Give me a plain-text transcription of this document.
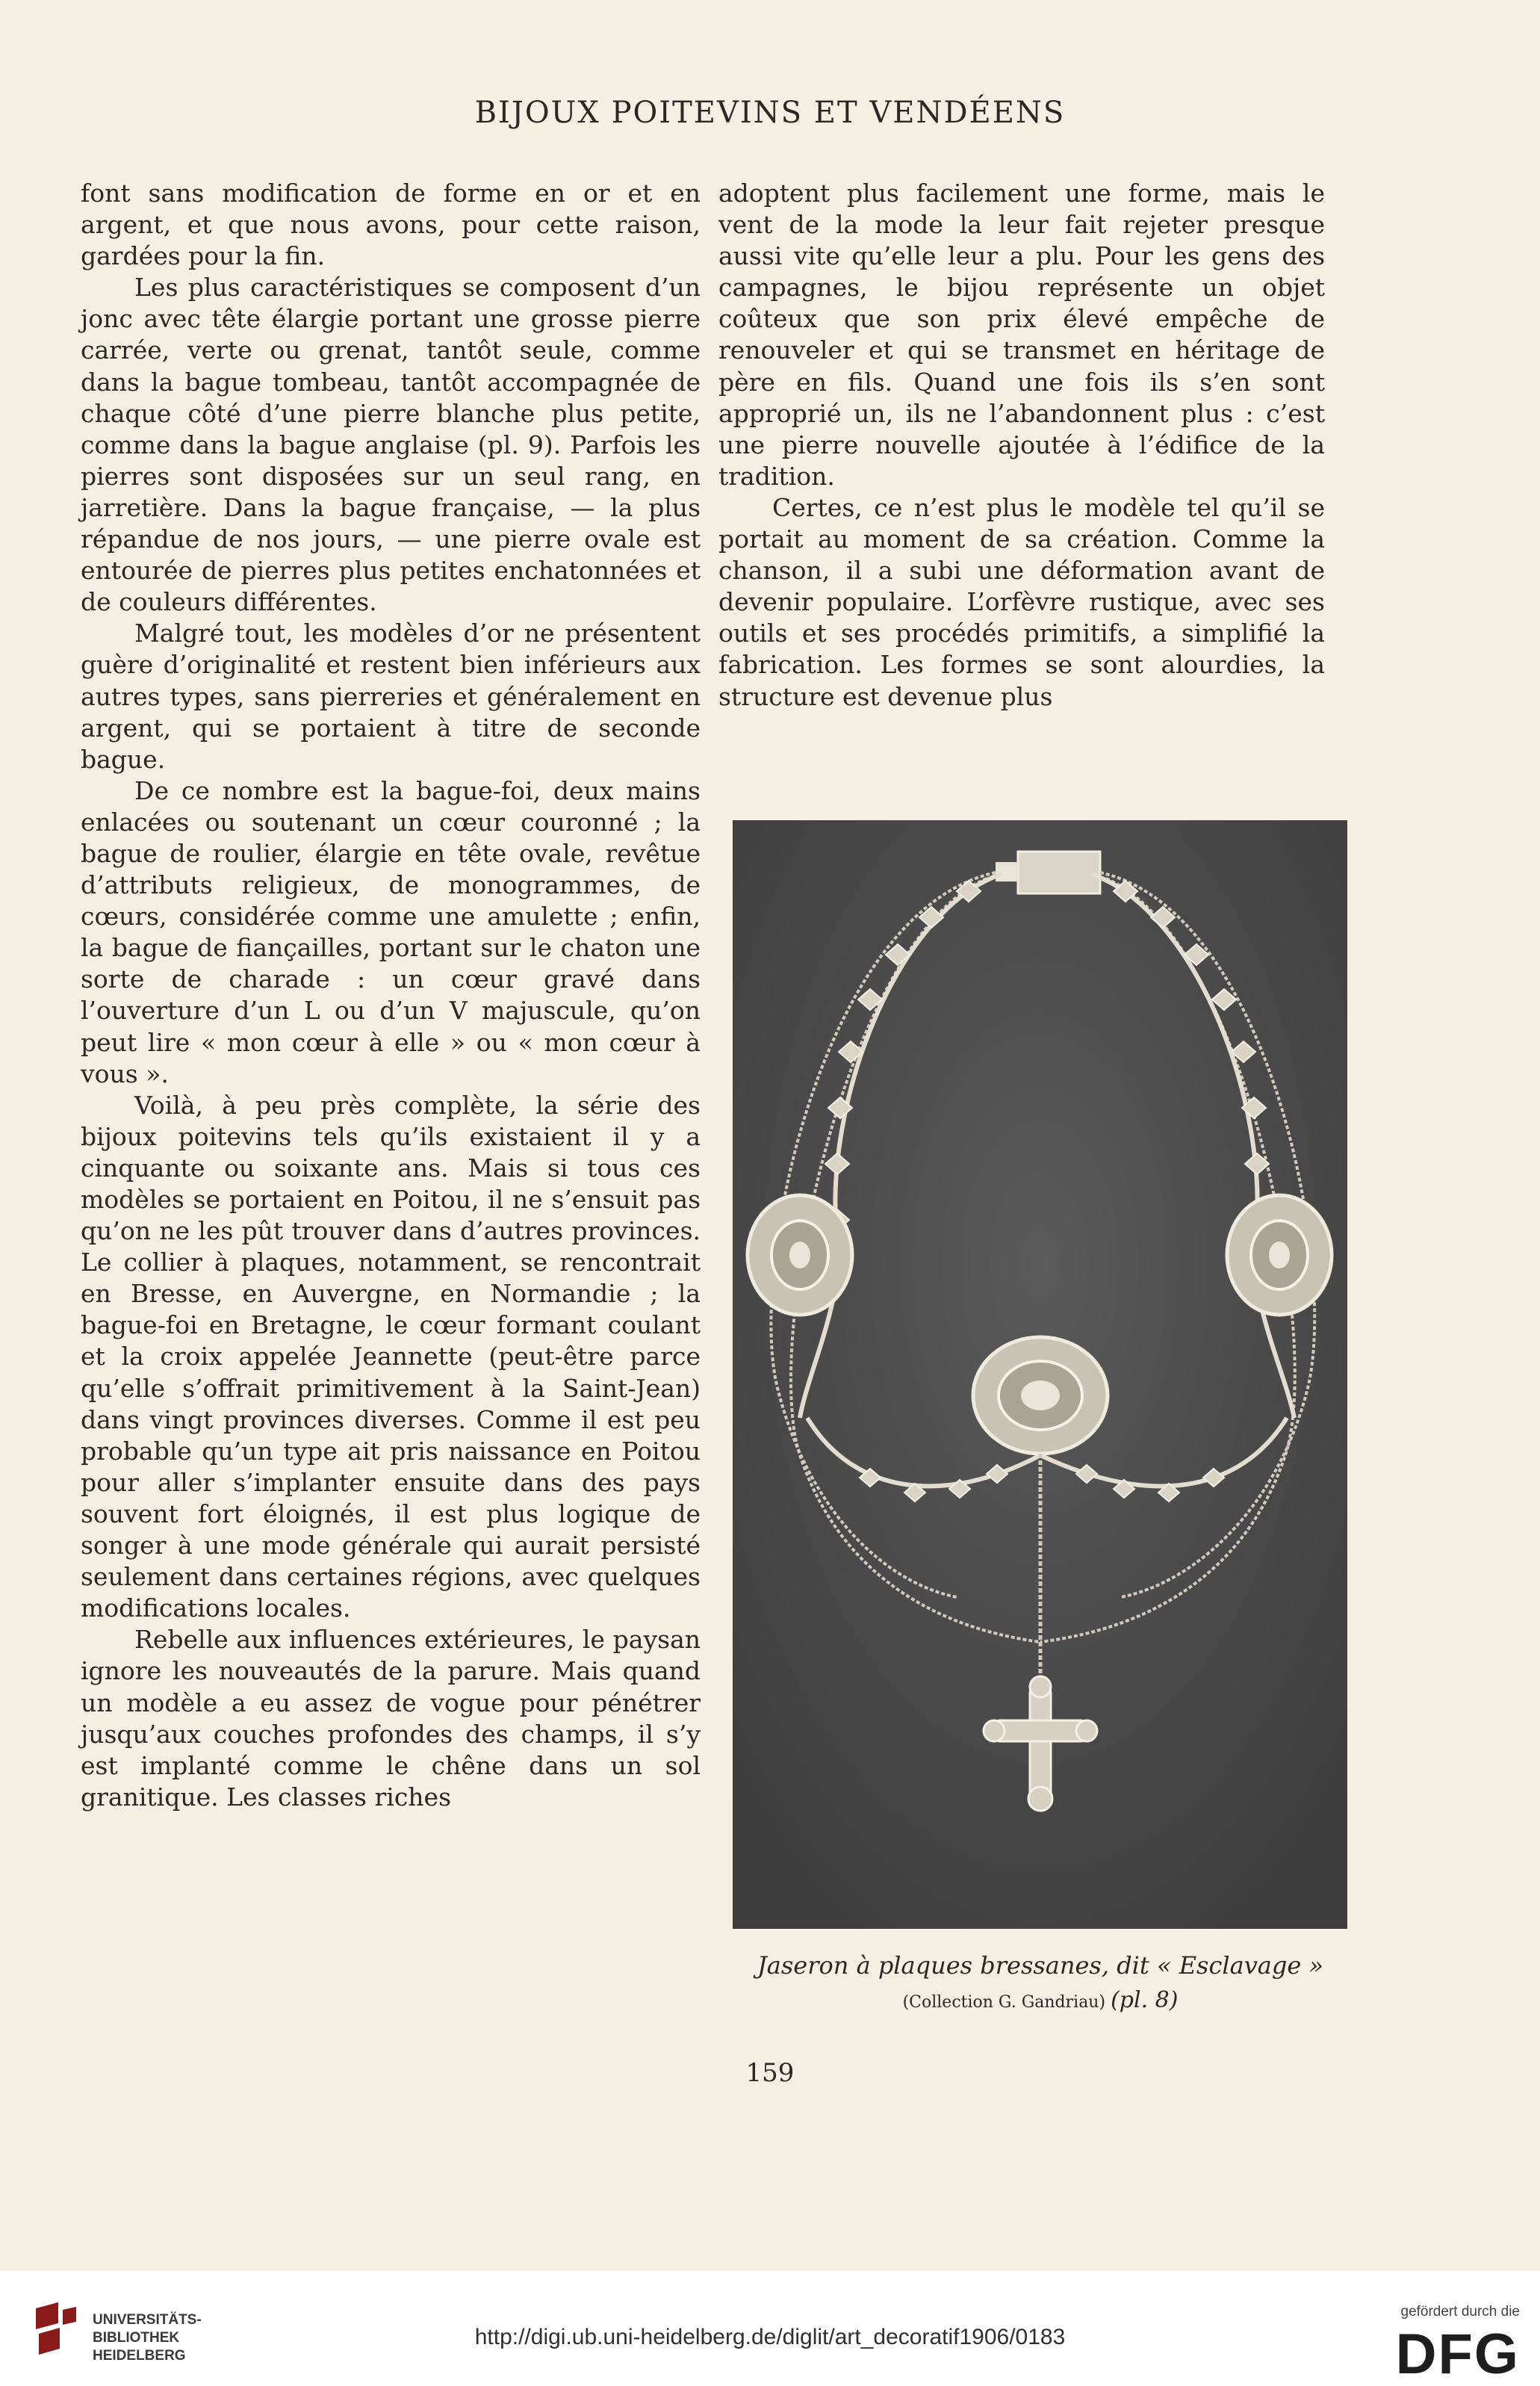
BIJOUX POITEVINS ET VENDÉENS

font sans modification de forme en or et en argent, et que nous avons, pour cette raison, gardées pour la fin.

Les plus caractéristiques se composent d’un jonc avec tête élargie portant une grosse pierre carrée, verte ou grenat, tantôt seule, comme dans la bague tombeau, tantôt accompagnée de chaque côté d’une pierre blanche plus petite, comme dans la bague anglaise (pl. 9). Parfois les pierres sont disposées sur un seul rang, en jarretière. Dans la bague française, — la plus répandue de nos jours, — une pierre ovale est entourée de pierres plus petites enchatonnées et de couleurs différentes.

Malgré tout, les modèles d’or ne présentent guère d’originalité et restent bien inférieurs aux autres types, sans pierreries et généralement en argent, qui se portaient à titre de seconde bague.

De ce nombre est la bague-foi, deux mains enlacées ou soutenant un cœur couronné ; la bague de roulier, élargie en tête ovale, revêtue d’attributs religieux, de monogrammes, de cœurs, considérée comme une amulette ; enfin, la bague de fiançailles, portant sur le chaton une sorte de charade : un cœur gravé dans l’ouverture d’un L ou d’un V majuscule, qu’on peut lire « mon cœur à elle » ou « mon cœur à vous ».

Voilà, à peu près complète, la série des bijoux poitevins tels qu’ils existaient il y a cinquante ou soixante ans. Mais si tous ces modèles se portaient en Poitou, il ne s’ensuit pas qu’on ne les pût trouver dans d’autres provinces. Le collier à plaques, notamment, se rencontrait en Bresse, en Auvergne, en Normandie ; la bague-foi en Bretagne, le cœur formant coulant et la croix appelée Jeannette (peut-être parce qu’elle s’offrait primitivement à la Saint-Jean) dans vingt provinces diverses. Comme il est peu probable qu’un type ait pris naissance en Poitou pour aller s’implanter ensuite dans des pays souvent fort éloignés, il est plus logique de songer à une mode générale qui aurait persisté seulement dans certaines régions, avec quelques modifications locales.

Rebelle aux influences extérieures, le paysan ignore les nouveautés de la parure. Mais quand un modèle a eu assez de vogue pour pénétrer jusqu’aux couches profondes des champs, il s’y est implanté comme le chêne dans un sol granitique. Les classes riches

adoptent plus facilement une forme, mais le vent de la mode la leur fait rejeter presque aussi vite qu’elle leur a plu. Pour les gens des campagnes, le bijou représente un objet coûteux que son prix élevé empêche de renouveler et qui se transmet en héritage de père en fils. Quand une fois ils s’en sont approprié un, ils ne l’abandonnent plus : c’est une pierre nouvelle ajoutée à l’édifice de la tradition.

Certes, ce n’est plus le modèle tel qu’il se portait au moment de sa création. Comme la chanson, il a subi une déformation avant de devenir populaire. L’orfèvre rustique, avec ses outils et ses procédés primitifs, a simplifié la fabrication. Les formes se sont alourdies, la structure est devenue plus

Jaseron à plaques bressanes, dit « Esclavage »
(Collection G. Gandriau) (pl. 8)
159
UNIVERSITÄTS-
BIBLIOTHEK
HEIDELBERG
http://digi.ub.uni-heidelberg.de/diglit/art_decoratif1906/0183
gefördert durch die
DFG
